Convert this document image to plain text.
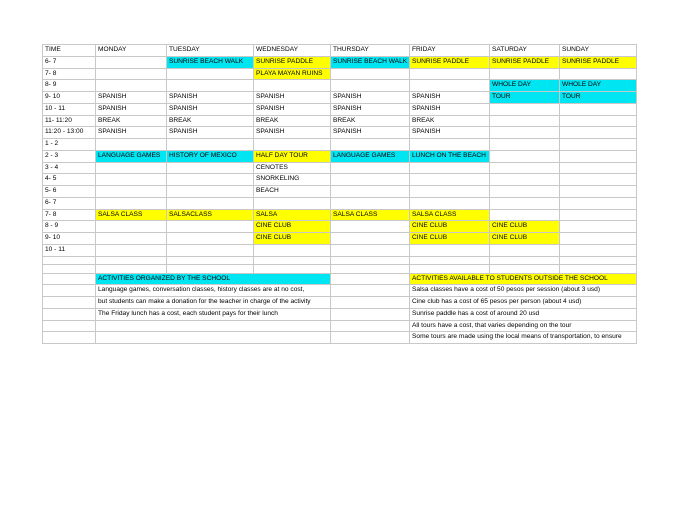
TIME	MONDAY	TUESDAY	WEDNESDAY	THURSDAY	FRIDAY	SATURDAY	SUNDAY
6- 7		SUNRISE BEACH WALK	SUNRISE PADDLE	SUNRISE BEACH WALK	SUNRISE PADDLE	SUNRISE PADDLE	SUNRISE PADDLE
7- 8			PLAYA MAYAN RUINS				
8- 9						WHOLE DAY	WHOLE DAY
9- 10	SPANISH	SPANISH	SPANISH	SPANISH	SPANISH	TOUR	TOUR
10 - 11	SPANISH	SPANISH	SPANISH	SPANISH	SPANISH		
11- 11:20	BREAK	BREAK	BREAK	BREAK	BREAK		
11:20 - 13:00	SPANISH	SPANISH	SPANISH	SPANISH	SPANISH		
1 - 2							
2 - 3	LANGUAGE GAMES	HISTORY OF MEXICO	HALF DAY TOUR	LANGUAGE GAMES	LUNCH ON THE BEACH		
3 - 4			CENOTES				
4- 5			SNORKELING				
5- 6			BEACH				
6- 7							
7- 8	SALSA CLASS	SALSACLASS	SALSA	SALSA CLASS	SALSA CLASS		
8 - 9			CINE CLUB		CINE CLUB	CINE CLUB	
9- 10			CINE CLUB		CINE CLUB	CINE CLUB	
10 - 11							

	ACTIVITIES ORGANIZED BY THE SCHOOL				ACTIVITIES AVAILABLE TO STUDENTS OUTSIDE THE SCHOOL		
	Language games, conversation classes, history classes are at no cost,				Salsa classes have a cost of 50 pesos per session (about 3 usd)		
	but students can make a donation for the teacher in charge of the activity				Cine club has a cost of 65 pesos per person (about 4 usd)		
	The Friday lunch has a cost, each student pays for their lunch				Sunrise paddle has a cost of around 20 usd		
					All tours have a cost, that varies depending on the tour		
					Some tours are made using the local means of transportation, to ensure		
